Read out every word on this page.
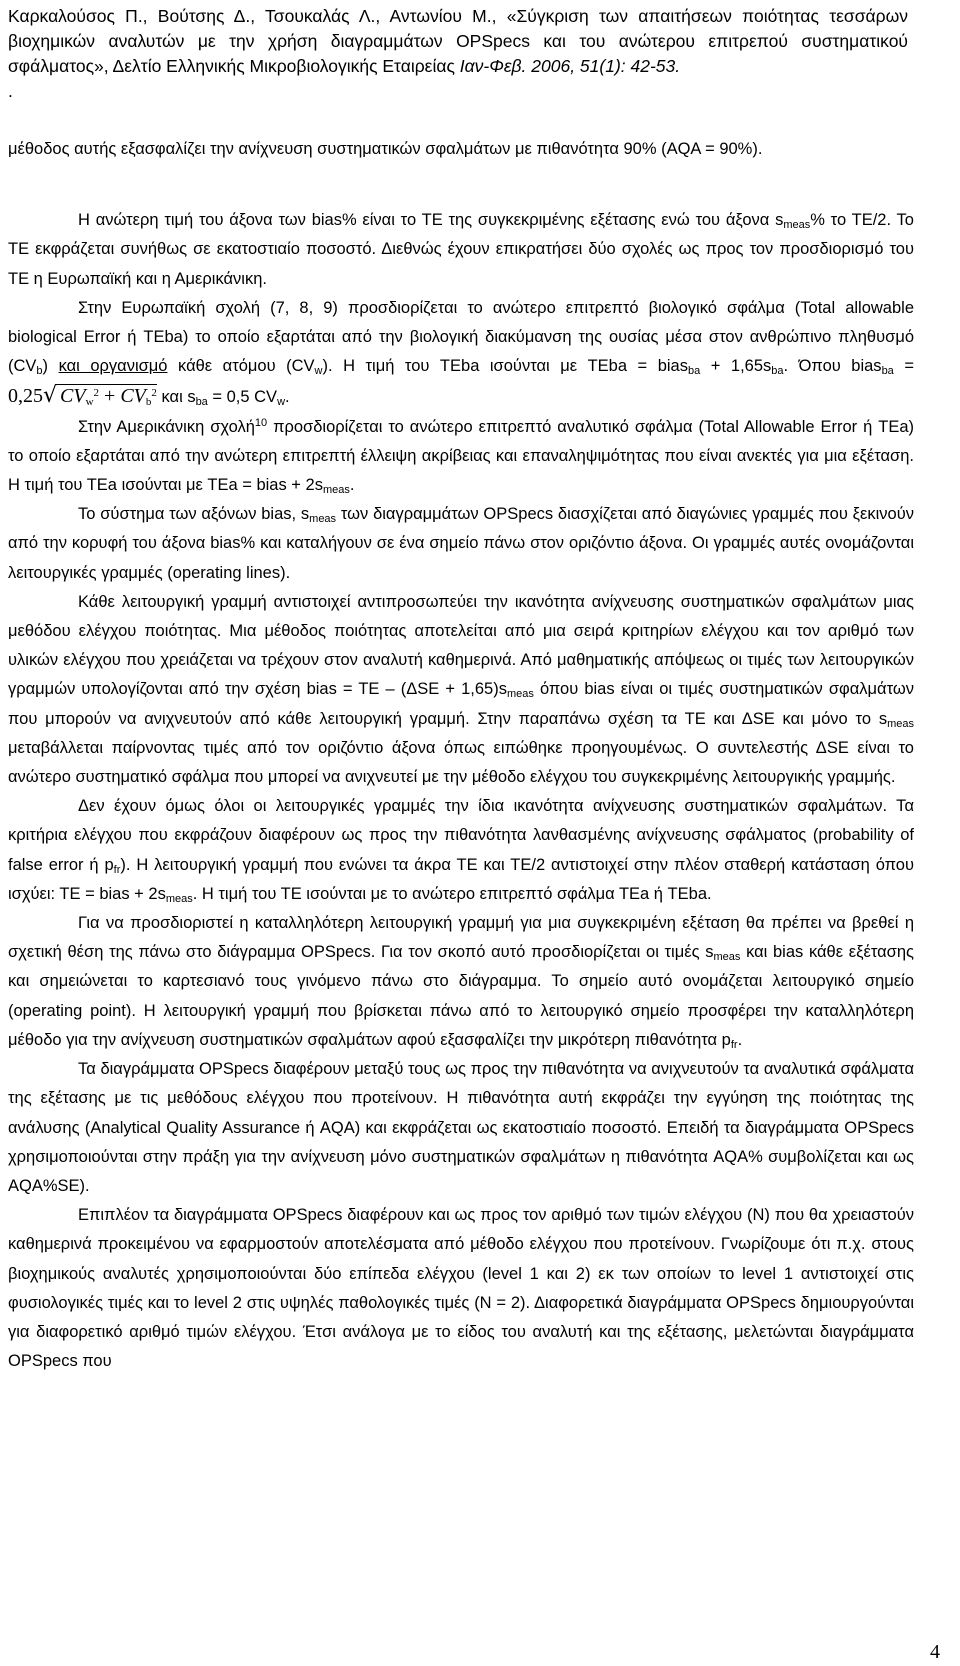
Καρκαλούσος Π., Βούτσης Δ., Τσουκαλάς Λ., Αντωνίου Μ., «Σύγκριση των απαιτήσεων ποιότητας τεσσάρων βιοχημικών αναλυτών με την χρήση διαγραμμάτων OPSpecs και του ανώτερου επιτρεπού συστηματικού σφάλματος», Δελτίο Ελληνικής Μικροβιολογικής Εταιρείας Ιαν-Φεβ. 2006, 51(1): 42-53.
.

μέθοδος αυτής εξασφαλίζει την ανίχνευση συστηματικών σφαλμάτων με πιθανότητα 90% (AQA = 90%).

Η ανώτερη τιμή του άξονα των bias% είναι το ΤΕ της συγκεκριμένης εξέτασης ενώ του άξονα $s_{meas}\%$ το ΤΕ/2. Το ΤΕ εκφράζεται συνήθως σε εκατοστιαίο ποσοστό. Διεθνώς έχουν επικρατήσει δύο σχολές ως προς τον προσδιορισμό του ΤΕ η Ευρωπαϊκή και η Αμερικάνικη.

Στην Ευρωπαϊκή σχολή (7, 8, 9) προσδιορίζεται το ανώτερο επιτρεπτό βιολογικό σφάλμα (Total allowable biological Error ή TEba) το οποίο εξαρτάται από την βιολογική διακύμανση της ουσίας μέσα στον ανθρώπινο πληθυσμό $(CV_b)$ και οργανισμό κάθε ατόμου $(CV_w)$. Η τιμή του TEba ισούνται με TEba = bias$_{ba}$ + $1,65s_{ba}$. Όπου bias$_{ba}$ = 0,25√ $CV_w^2 + CV_b^2$ και $s_{ba} = 0,5$ $CV_w$.

Στην Αμερικάνικη σχολή$^{10}$ προσδιορίζεται το ανώτερο επιτρεπτό αναλυτικό σφάλμα (Total Allowable Error ή TEa) το οποίο εξαρτάται από την ανώτερη επιτρεπτή έλλειψη ακρίβειας και επαναληψιμότητας που είναι ανεκτές για μια εξέταση. Η τιμή του ΤΕa ισούνται με TEa = bias + $2s_{meas}$.

Το σύστημα των αξόνων bias, $s_{meas}$ των διαγραμμάτων OPSpecs διασχίζεται από διαγώνιες γραμμές που ξεκινούν από την κορυφή του άξονα bias% και καταλήγουν σε ένα σημείο πάνω στον οριζόντιο άξονα. Οι γραμμές αυτές ονομάζονται λειτουργικές γραμμές (operating lines).

Κάθε λειτουργική γραμμή αντιστοιχεί αντιπροσωπεύει την ικανότητα ανίχνευσης συστηματικών σφαλμάτων μιας μεθόδου ελέγχου ποιότητας. Μια μέθοδος ποιότητας αποτελείται από μια σειρά κριτηρίων ελέγχου και τον αριθμό των υλικών ελέγχου που χρειάζεται να τρέχουν στον αναλυτή καθημερινά. Από μαθηματικής απόψεως οι τιμές των λειτουργικών γραμμών υπολογίζονται από την σχέση bias = TE – $(\Delta SE + 1,65)s_{meas}$ όπου bias είναι οι τιμές συστηματικών σφαλμάτων που μπορούν να ανιχνευτούν από κάθε λειτουργική γραμμή. Στην παραπάνω σχέση τα ΤΕ και ΔSE και μόνο το $s_{meas}$ μεταβάλλεται παίρνοντας τιμές από τον οριζόντιο άξονα όπως ειπώθηκε προηγουμένως. Ο συντελεστής ΔSE είναι το ανώτερο συστηματικό σφάλμα που μπορεί να ανιχνευτεί με την μέθοδο ελέγχου του συγκεκριμένης λειτουργικής γραμμής.

Δεν έχουν όμως όλοι οι λειτουργικές γραμμές την ίδια ικανότητα ανίχνευσης συστηματικών σφαλμάτων. Τα κριτήρια ελέγχου που εκφράζουν διαφέρουν ως προς την πιθανότητα λανθασμένης ανίχνευσης σφάλματος (probability of false error ή $p_{fr}$). Η λειτουργική γραμμή που ενώνει τα άκρα ΤΕ και ΤΕ/2 αντιστοιχεί στην πλέον σταθερή κατάσταση όπου ισχύει: ΤΕ = bias + $2s_{meas}$. Η τιμή του ΤΕ ισούνται με το ανώτερο επιτρεπτό σφάλμα ΤΕa ή TEba.

Για να προσδιοριστεί η καταλληλότερη λειτουργική γραμμή για μια συγκεκριμένη εξέταση θα πρέπει να βρεθεί η σχετική θέση της πάνω στο διάγραμμα OPSpecs. Για τον σκοπό αυτό προσδιορίζεται οι τιμές $s_{meas}$ και bias κάθε εξέτασης και σημειώνεται το καρτεσιανό τους γινόμενο πάνω στο διάγραμμα. Το σημείο αυτό ονομάζεται λειτουργικό σημείο (operating point). Η λειτουργική γραμμή που βρίσκεται πάνω από το λειτουργικό σημείο προσφέρει την καταλληλότερη μέθοδο για την ανίχνευση συστηματικών σφαλμάτων αφού εξασφαλίζει την μικρότερη πιθανότητα $p_{fr}$.

Τα διαγράμματα OPSpecs διαφέρουν μεταξύ τους ως προς την πιθανότητα να ανιχνευτούν τα αναλυτικά σφάλματα της εξέτασης με τις μεθόδους ελέγχου που προτείνουν. Η πιθανότητα αυτή εκφράζει την εγγύηση της ποιότητας της ανάλυσης (Analytical Quality Assurance ή AQA) και εκφράζεται ως εκατοστιαίο ποσοστό. Επειδή τα διαγράμματα OPSpecs χρησιμοποιούνται στην πράξη για την ανίχνευση μόνο συστηματικών σφαλμάτων η πιθανότητα AQA% συμβολίζεται και ως AQA%SE).

Επιπλέον τα διαγράμματα OPSpecs διαφέρουν και ως προς τον αριθμό των τιμών ελέγχου (Ν) που θα χρειαστούν καθημερινά προκειμένου να εφαρμοστούν αποτελέσματα από μέθοδο ελέγχου που προτείνουν. Γνωρίζουμε ότι π.χ. στους βιοχημικούς αναλυτές χρησιμοποιούνται δύο επίπεδα ελέγχου (level 1 και 2) εκ των οποίων το level 1 αντιστοιχεί στις φυσιολογικές τιμές και το level 2 στις υψηλές παθολογικές τιμές (Ν = 2). Διαφορετικά διαγράμματα OPSpecs δημιουργούνται για διαφορετικό αριθμό τιμών ελέγχου. Έτσι ανάλογα με το είδος του αναλυτή και της εξέτασης, μελετώνται διαγράμματα OPSpecs που

4
